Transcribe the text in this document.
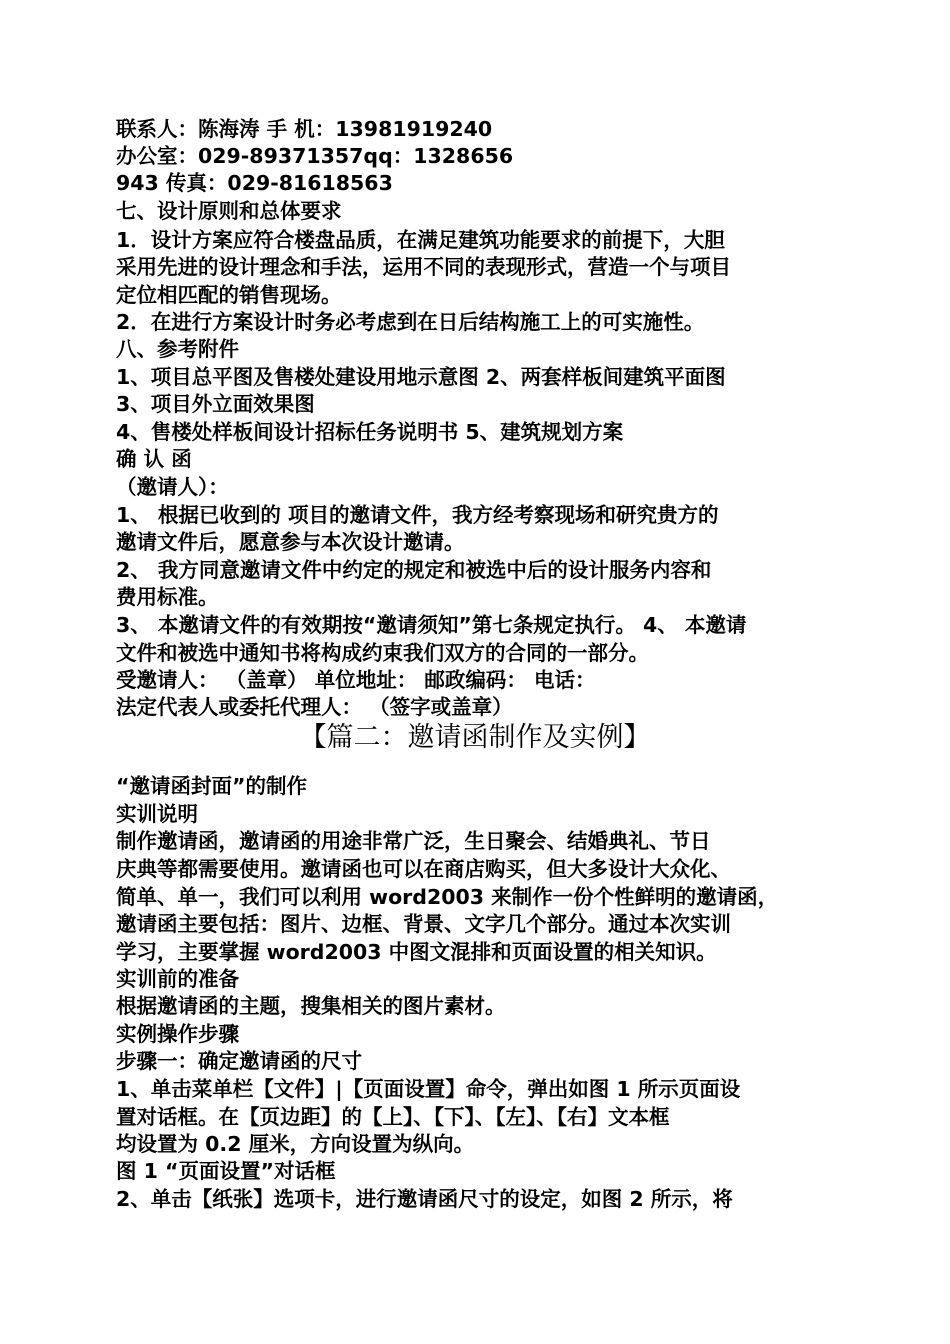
联系人：陈海涛 手 机：13981919240

办公室：029-89371357qq：1328656

943 传真：029-81618563

七、设计原则和总体要求

1．设计方案应符合楼盘品质，在满足建筑功能要求的前提下，大胆

采用先进的设计理念和手法，运用不同的表现形式，营造一个与项目

定位相匹配的销售现场。

2．在进行方案设计时务必考虑到在日后结构施工上的可实施性。

八、参考附件

1、项目总平图及售楼处建设用地示意图 2、两套样板间建筑平面图

3、项目外立面效果图

4、售楼处样板间设计招标任务说明书 5、建筑规划方案

确 认 函

（邀请人）：

1、 根据已收到的 项目的邀请文件，我方经考察现场和研究贵方的

邀请文件后，愿意参与本次设计邀请。

2、 我方同意邀请文件中约定的规定和被选中后的设计服务内容和

费用标准。

3、 本邀请文件的有效期按“邀请须知”第七条规定执行。 4、 本邀请

文件和被选中通知书将构成约束我们双方的合同的一部分。

受邀请人： （盖章） 单位地址： 邮政编码： 电话：

法定代表人或委托代理人： （签字或盖章）

【篇二：邀请函制作及实例】

“邀请函封面”的制作

实训说明

制作邀请函，邀请函的用途非常广泛，生日聚会、结婚典礼、节日

庆典等都需要使用。邀请函也可以在商店购买，但大多设计大众化、

简单、单一，我们可以利用 word2003 来制作一份个性鲜明的邀请函，

邀请函主要包括：图片、边框、背景、文字几个部分。通过本次实训

学习，主要掌握 word2003 中图文混排和页面设置的相关知识。

实训前的准备

根据邀请函的主题，搜集相关的图片素材。

实例操作步骤

步骤一：确定邀请函的尺寸

1、单击菜单栏【文件】|【页面设置】命令，弹出如图 1 所示页面设

置对话框。在【页边距】的【上】、【下】、【左】、【右】文本框

均设置为 0.2 厘米，方向设置为纵向。

图 1 “页面设置”对话框

2、单击【纸张】选项卡，进行邀请函尺寸的设定，如图 2 所示，将
